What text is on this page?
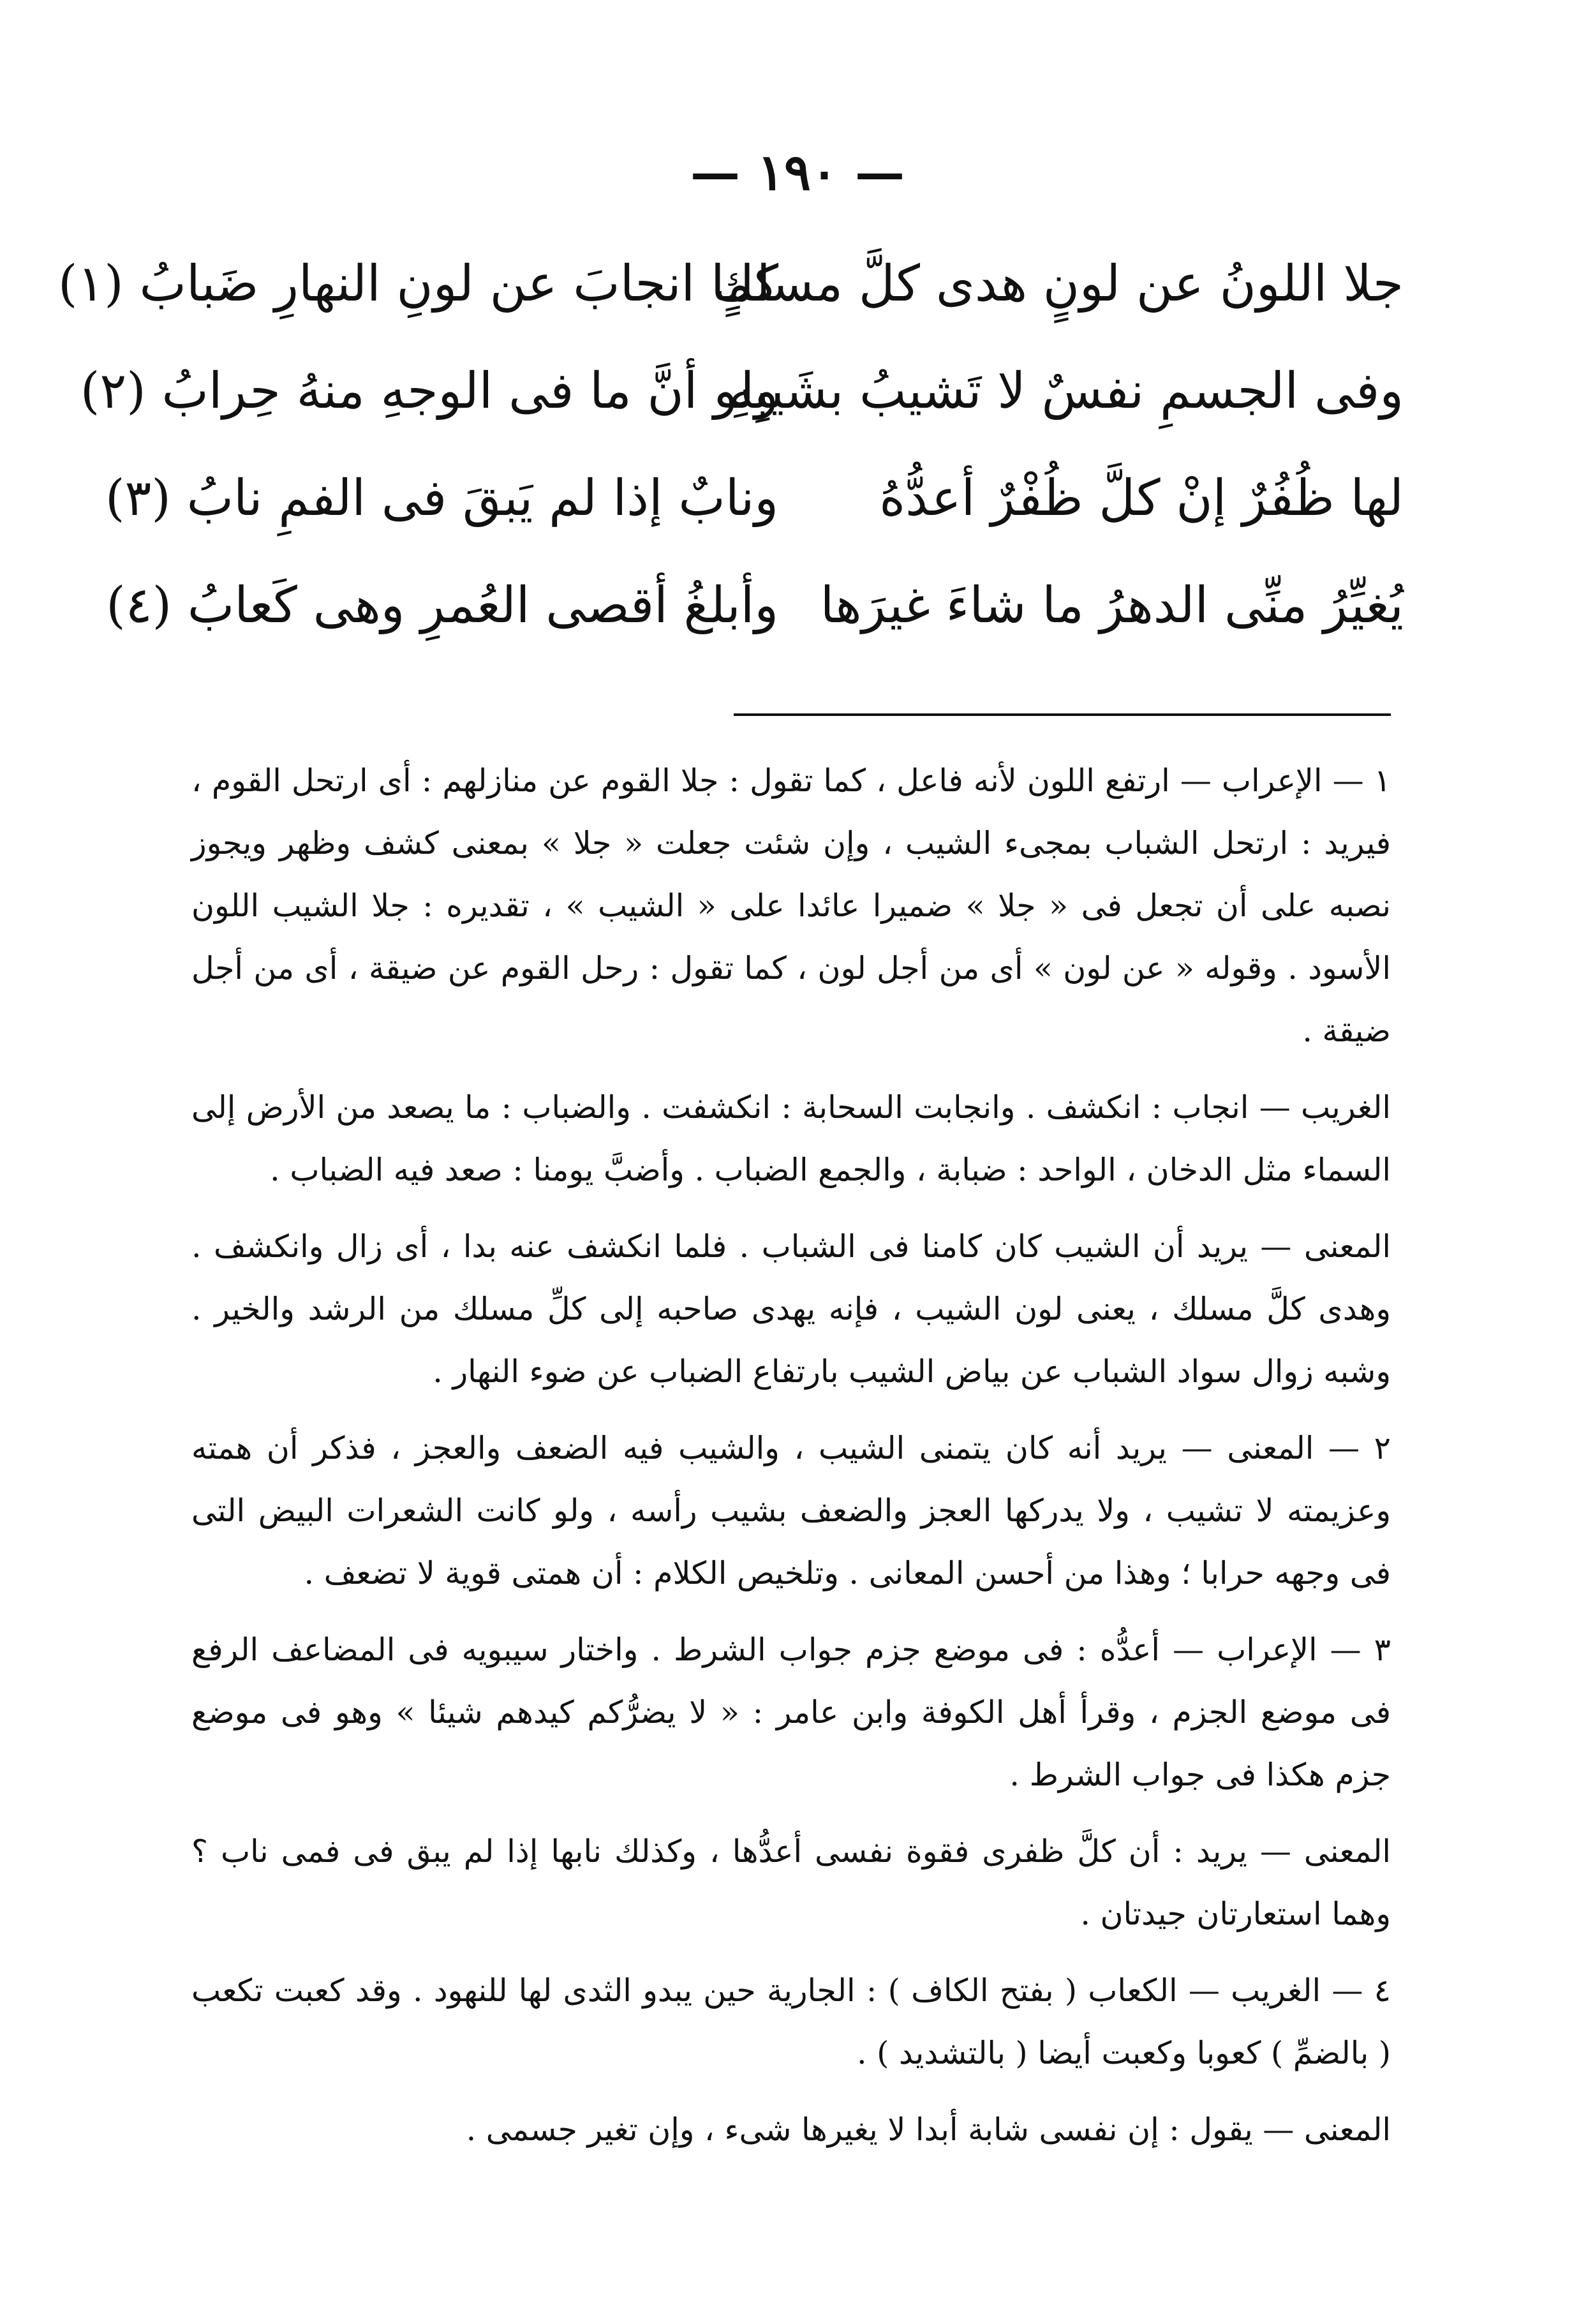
— ١٩٠ —
جلا اللونُ عن لونٍ هدى كلَّ مسلكٍ
كما انجابَ عن لونِ النهارِ ضَبابُ (١)
وفى الجسمِ نفسٌ لا تَشيبُ بشَيبِهِ
ولو أنَّ ما فى الوجهِ منهُ حِرابُ (٢)
لها ظُفُرٌ إنْ كلَّ ظُفْرٌ أعدُّهُ
ونابٌ إذا لم يَبقَ فى الفمِ نابُ (٣)
يُغيِّرُ منِّى الدهرُ ما شاءَ غيرَها
وأبلغُ أقصى العُمرِ وهى كَعابُ (٤)

١ — الإعراب — ارتفع اللون لأنه فاعل ، كما تقول : جلا القوم عن منازلهم : أى ارتحل القوم ، فيريد : ارتحل الشباب بمجىء الشيب ، وإن شئت جعلت « جلا » بمعنى كشف وظهر ويجوز نصبه على أن تجعل فى « جلا » ضميرا عائدا على « الشيب » ، تقديره : جلا الشيب اللون الأسود . وقوله « عن لون » أى من أجل لون ، كما تقول : رحل القوم عن ضيقة ، أى من أجل ضيقة .

الغريب — انجاب : انكشف . وانجابت السحابة : انكشفت . والضباب : ما يصعد من الأرض إلى السماء مثل الدخان ، الواحد : ضبابة ، والجمع الضباب . وأضبَّ يومنا : صعد فيه الضباب .

المعنى — يريد أن الشيب كان كامنا فى الشباب . فلما انكشف عنه بدا ، أى زال وانكشف . وهدى كلَّ مسلك ، يعنى لون الشيب ، فإنه يهدى صاحبه إلى كلِّ مسلك من الرشد والخير . وشبه زوال سواد الشباب عن بياض الشيب بارتفاع الضباب عن ضوء النهار .

٢ — المعنى — يريد أنه كان يتمنى الشيب ، والشيب فيه الضعف والعجز ، فذكر أن همته وعزيمته لا تشيب ، ولا يدركها العجز والضعف بشيب رأسه ، ولو كانت الشعرات البيض التى فى وجهه حرابا ؛ وهذا من أحسن المعانى . وتلخيص الكلام : أن همتى قوية لا تضعف .

٣ — الإعراب — أعدُّه : فى موضع جزم جواب الشرط . واختار سيبويه فى المضاعف الرفع فى موضع الجزم ، وقرأ أهل الكوفة وابن عامر : « لا يضرُّكم كيدهم شيئا » وهو فى موضع جزم هكذا فى جواب الشرط .

المعنى — يريد : أن كلَّ ظفرى فقوة نفسى أعدُّها ، وكذلك نابها إذا لم يبق فى فمى ناب ؟ وهما استعارتان جيدتان .

٤ — الغريب — الكعاب ( بفتح الكاف ) : الجارية حين يبدو الثدى لها للنهود . وقد كعبت تكعب ( بالضمِّ ) كعوبا وكعبت أيضا ( بالتشديد ) .

المعنى — يقول : إن نفسى شابة أبدا لا يغيرها شىء ، وإن تغير جسمى .
